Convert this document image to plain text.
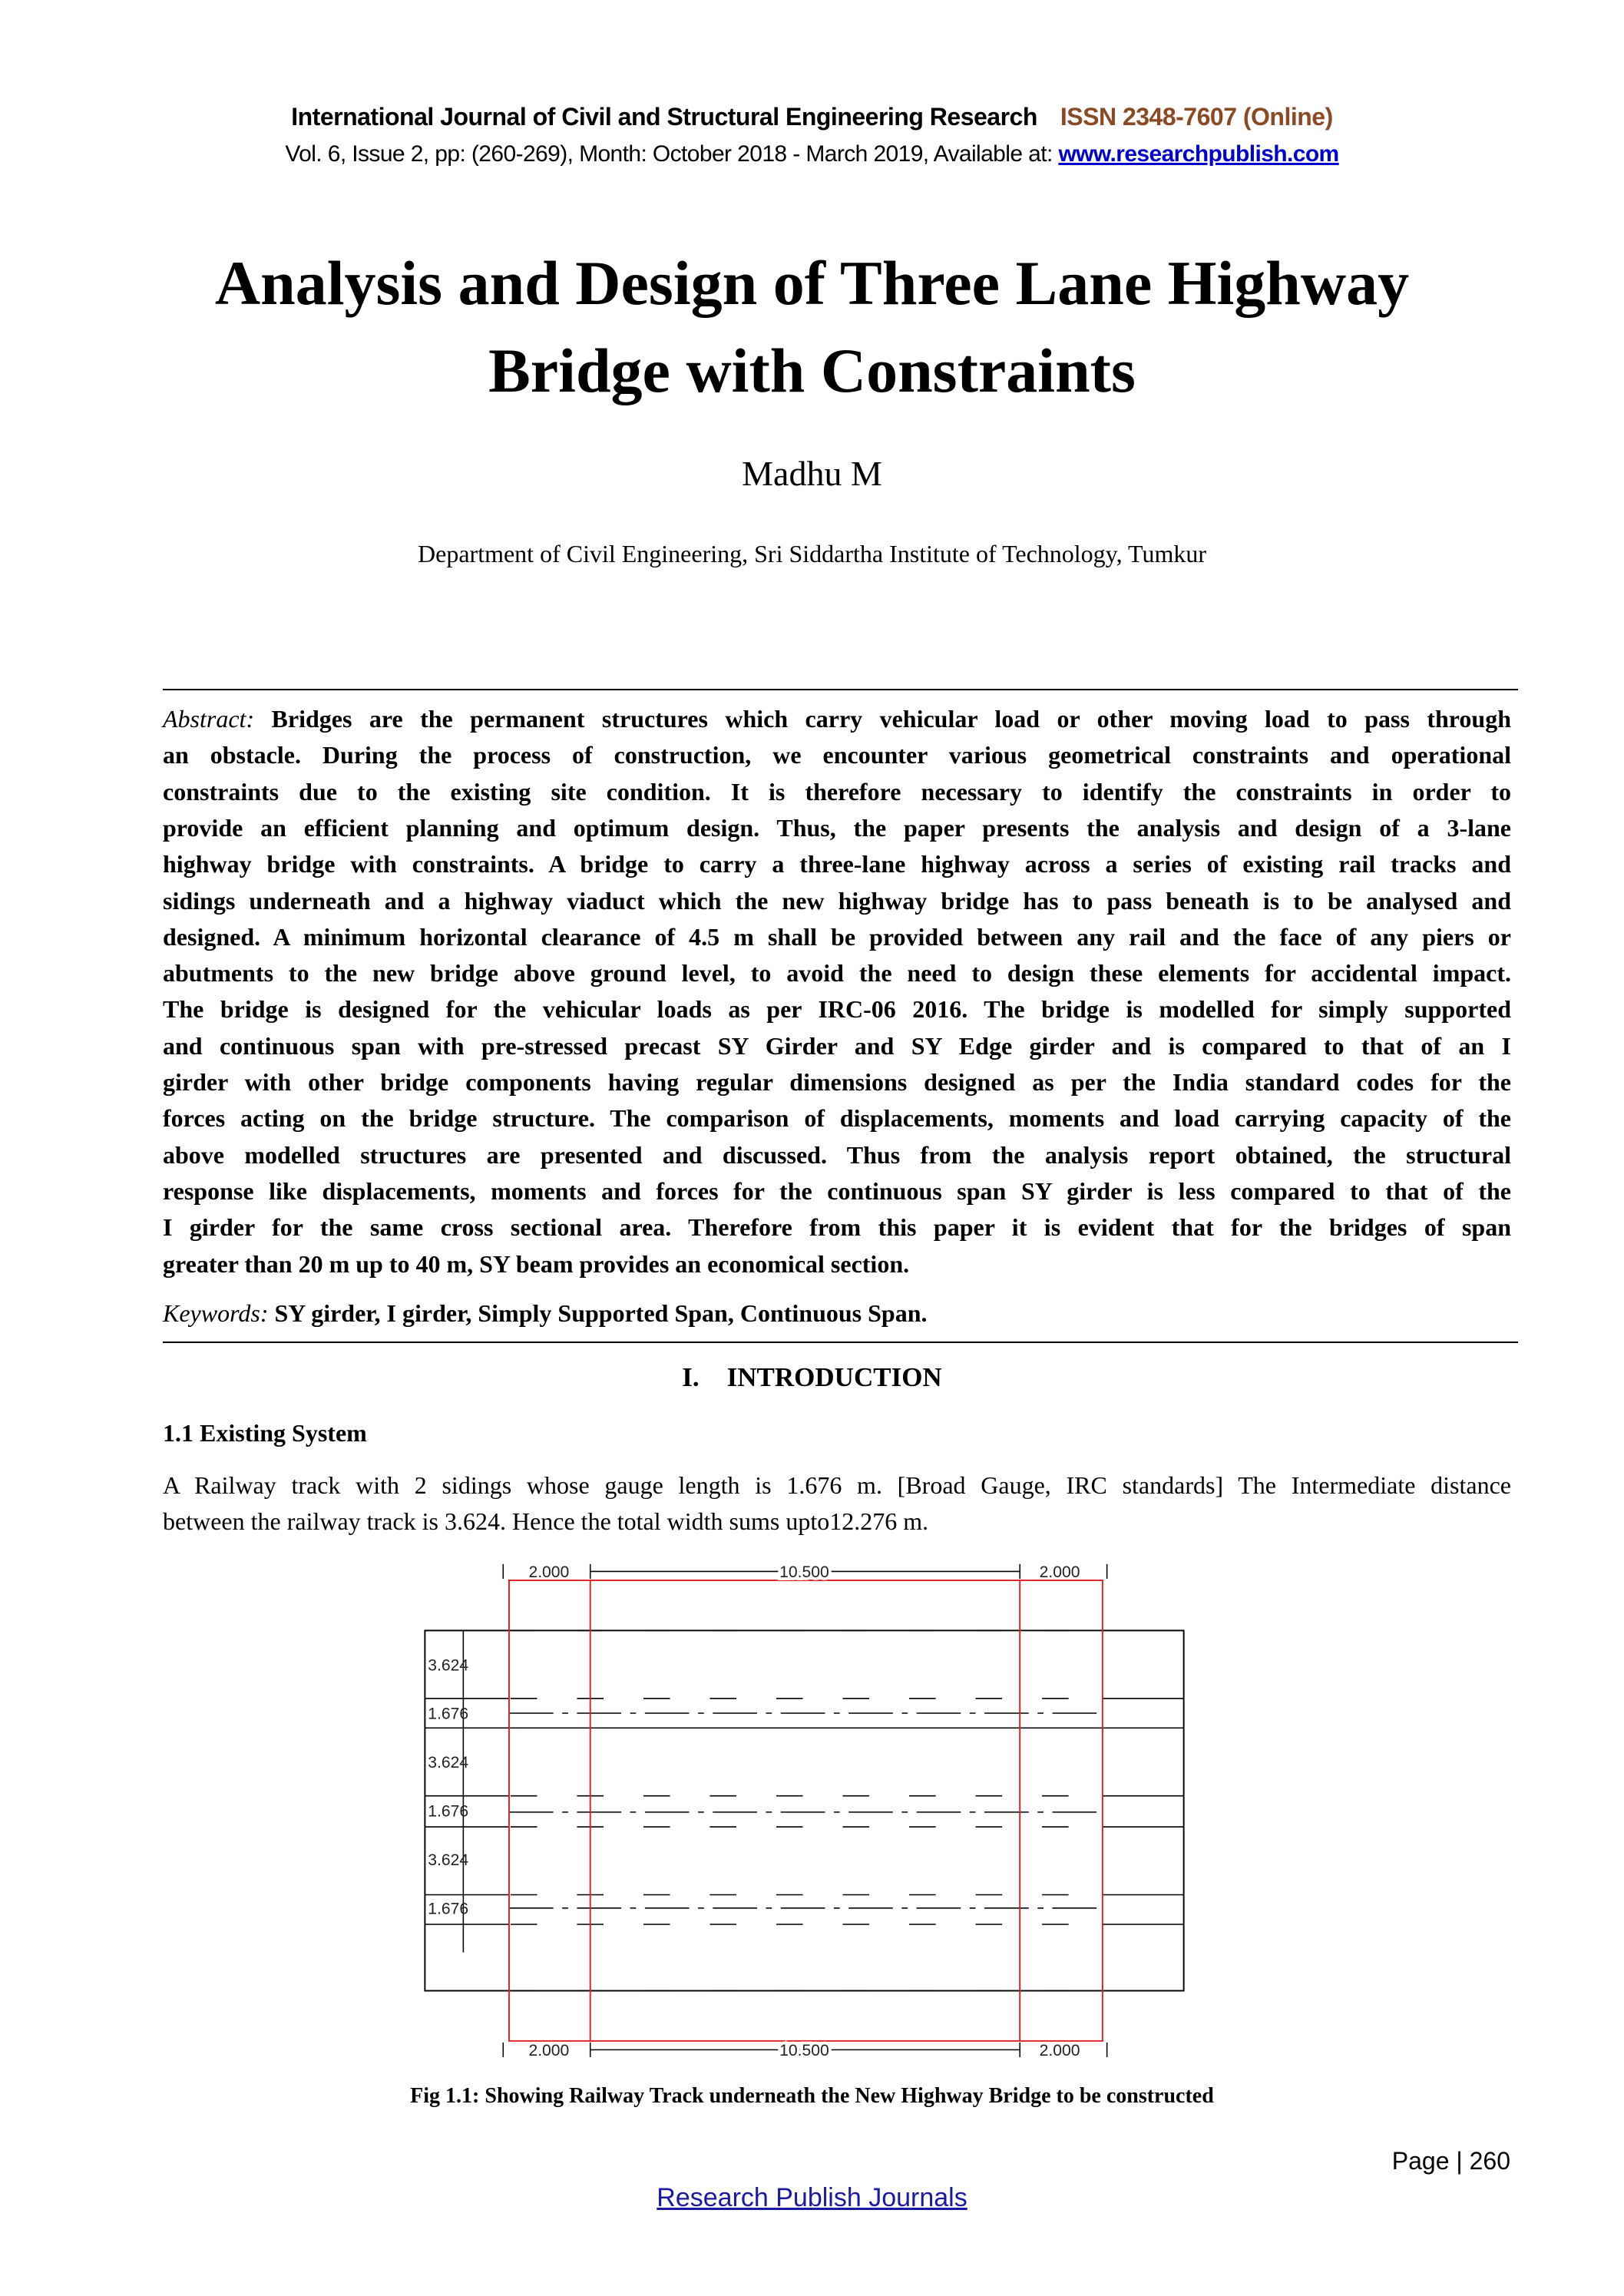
International Journal of Civil and Structural Engineering Research ISSN 2348-7607 (Online)
Vol. 6, Issue 2, pp: (260-269), Month: October 2018 - March 2019, Available at: www.researchpublish.com
Analysis and Design of Three Lane Highway
Bridge with Constraints
Madhu M
Department of Civil Engineering, Sri Siddartha Institute of Technology, Tumkur
Abstract: Bridges are the permanent structures which carry vehicular load or other moving load to pass through
an obstacle. During the process of construction, we encounter various geometrical constraints and operational
constraints due to the existing site condition. It is therefore necessary to identify the constraints in order to
provide an efficient planning and optimum design. Thus, the paper presents the analysis and design of a 3-lane
highway bridge with constraints. A bridge to carry a three-lane highway across a series of existing rail tracks and
sidings underneath and a highway viaduct which the new highway bridge has to pass beneath is to be analysed and
designed. A minimum horizontal clearance of 4.5 m shall be provided between any rail and the face of any piers or
abutments to the new bridge above ground level, to avoid the need to design these elements for accidental impact.
The bridge is designed for the vehicular loads as per IRC-06 2016. The bridge is modelled for simply supported
and continuous span with pre-stressed precast SY Girder and SY Edge girder and is compared to that of an I
girder with other bridge components having regular dimensions designed as per the India standard codes for the
forces acting on the bridge structure. The comparison of displacements, moments and load carrying capacity of the
above modelled structures are presented and discussed. Thus from the analysis report obtained, the structural
response like displacements, moments and forces for the continuous span SY girder is less compared to that of the
I girder for the same cross sectional area. Therefore from this paper it is evident that for the bridges of span
greater than 20 m up to 40 m, SY beam provides an economical section.
Keywords: SY girder, I girder, Simply Supported Span, Continuous Span.
I. INTRODUCTION
1.1 Existing System
A Railway track with 2 sidings whose gauge length is 1.676 m. [Broad Gauge, IRC standards] The Intermediate distance
between the railway track is 3.624. Hence the total width sums upto12.276 m.
3.624
1.676
3.624
1.676
3.624
1.676
2.000	10.500	2.000
2.000	10.500	2.000
Fig 1.1: Showing Railway Track underneath the New Highway Bridge to be constructed
Page | 260
Research Publish Journals
